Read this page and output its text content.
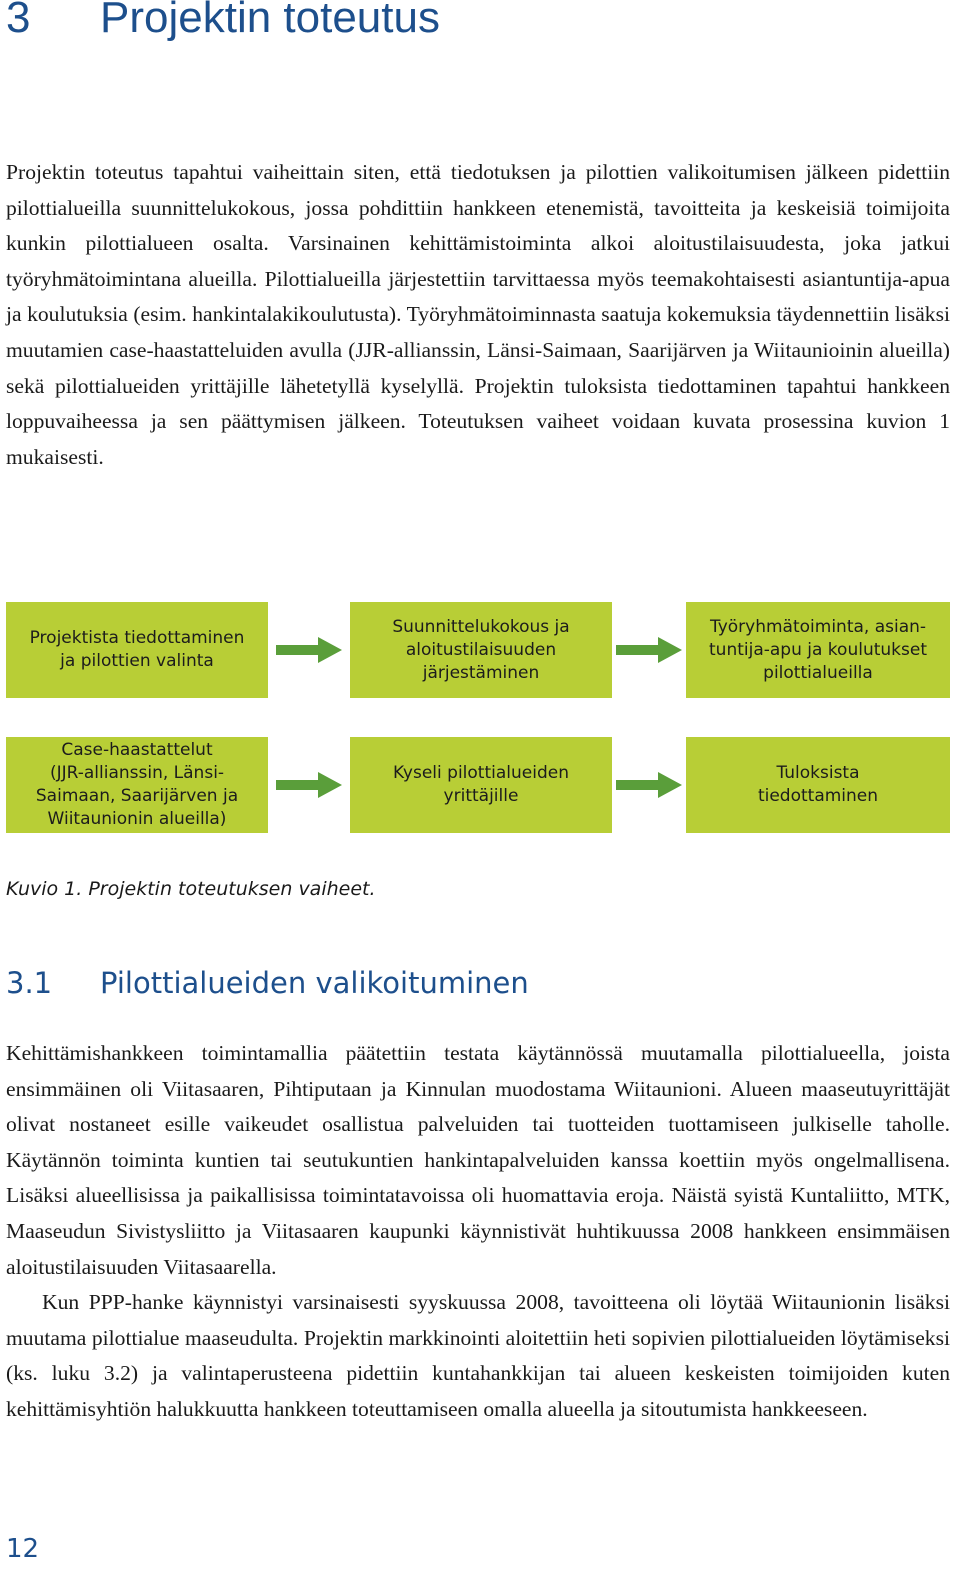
3 Projektin toteutus
Projektin toteutus tapahtui vaiheittain siten, että tiedotuksen ja pilottien valikoitumisen jälkeen pidettiin pilottialueilla suunnittelukokous, jossa pohdittiin hankkeen etenemistä, tavoitteita ja keskeisiä toimijoita kunkin pilottialueen osalta. Varsinainen kehittämistoiminta alkoi aloitustilaisuudesta, joka jatkui työryhmätoimintana alueilla. Pilottialueilla järjestettiin tarvittaessa myös teemakohtaisesti asiantuntija-apua ja koulutuksia (esim. hankintalakikoulutusta). Työryhmätoiminnasta saatuja kokemuksia täydennettiin lisäksi muutamien case-haastatteluiden avulla (JJR-allianssin, Länsi-Saimaan, Saarijärven ja Wiitaunioinin alueilla) sekä pilottialueiden yrittäjille lähetetyllä kyselyllä. Projektin tuloksista tiedottaminen tapahtui hankkeen loppuvaiheessa ja sen päättymisen jälkeen. Toteutuksen vaiheet voidaan kuvata prosessina kuvion 1 mukaisesti.
Projektista tiedottaminen
ja pilottien valinta
Suunnittelukokous ja
aloitustilaisuuden
järjestäminen
Työryhmätoiminta, asian-
tuntija-apu ja koulutukset
pilottialueilla
Case-haastattelut
(JJR-allianssin, Länsi-
Saimaan, Saarijärven ja
Wiitaunionin alueilla)
Kyseli pilottialueiden
yrittäjille
Tuloksista
tiedottaminen
Kuvio 1. Projektin toteutuksen vaiheet.
3.1 Pilottialueiden valikoituminen

Kehittämishankkeen toimintamallia päätettiin testata käytännössä muutamalla pilottialueella, joista ensimmäinen oli Viitasaaren, Pihtiputaan ja Kinnulan muodostama Wiitaunioni. Alueen maaseutuyrittäjät olivat nostaneet esille vaikeudet osallistua palveluiden tai tuotteiden tuottamiseen julkiselle taholle. Käytännön toiminta kuntien tai seutukuntien hankintapalveluiden kanssa koettiin myös ongelmallisena. Lisäksi alueellisissa ja paikallisissa toimintatavoissa oli huomattavia eroja. Näistä syistä Kuntaliitto, MTK, Maaseudun Sivistysliitto ja Viitasaaren kaupunki käynnistivät huhtikuussa 2008 hankkeen ensimmäisen aloitustilaisuuden Viitasaarella.

Kun PPP-hanke käynnistyi varsinaisesti syyskuussa 2008, tavoitteena oli löytää Wiitaunionin lisäksi muutama pilottialue maaseudulta. Projektin markkinointi aloitettiin heti sopivien pilottialueiden löytämiseksi (ks. luku 3.2) ja valintaperusteena pidettiin kuntahankkijan tai alueen keskeisten toimijoiden kuten kehittämisyhtiön halukkuutta hankkeen toteuttamiseen omalla alueella ja sitoutumista hankkeeseen.

12
